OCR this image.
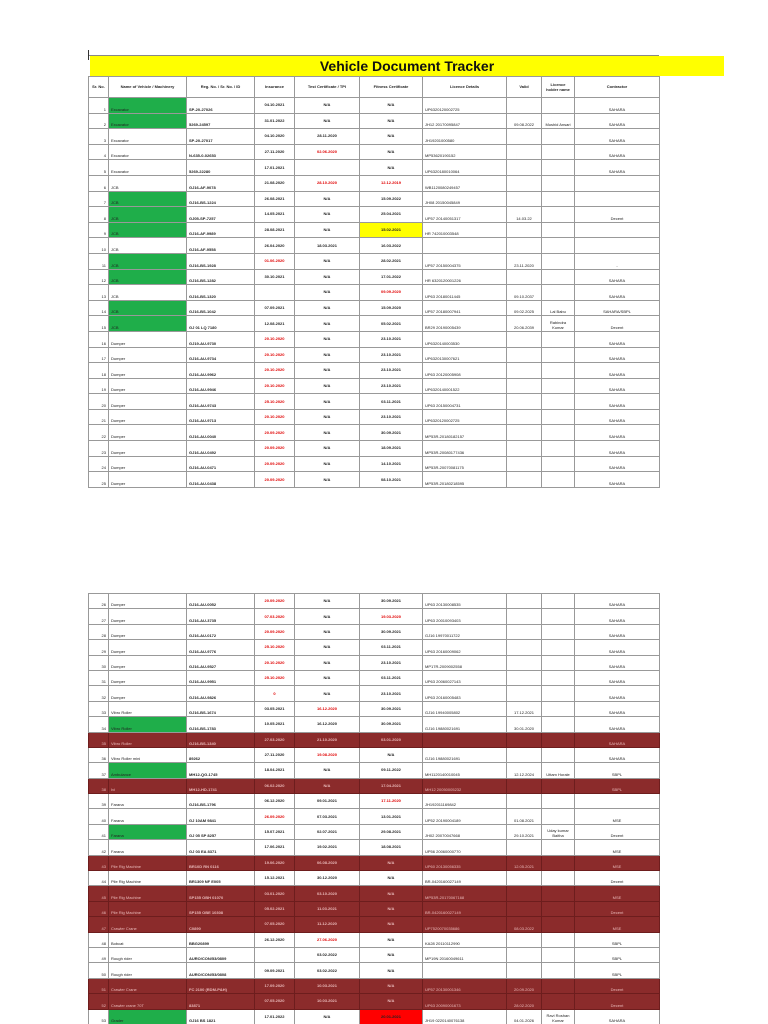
Vehicle Document Tracker
Sr. No.	Name of Vehicle / Machinery	Reg. No. / Sr. No. / ID	Insurance	Test Certificate / TPI	Fitness Certificate	Licence Details	Valid	Licence holder name	Contractor
1	Excavator	SP-20-27026	04.10.2021	N/A	N/A	UP6320120002725			SAHARA
2	Excavator	5269-24597	31.01.2022	N/A	N/A	JH12 20170095847	09.08.2022	Mushid Ansari	SAHARA
3	Excavator	SP-20-27017	04.10.2020	28.11.2020	N/A	JH19201000580			SAHARA
4	Excavator	N-635-0-02653	27.11.2020	02.06.2020	N/A	MP53620190152			SAHARA
5	Excavator	5269-22280	17.01.2021		N/A	UP6320180010064			SAHARA
6	JCB	GJ16-AF-9078	21.08.2020	28.10.2020	12.12.2019	WB1120080249457			
7	JCB	GJ16-BS-1224	26.08.2021	N/A	15.09.2022	JH08 20150045849			
8	JCB	GJ05-SP-7257	14.05.2021	N/A	25.04.2021	UP57 20140051317	14.03.22		Decent
9	JCB	GJ16-AF-9989	28.08.2021	N/A	15.02.2021	HR 742010003548			
10	JCB	GJ16-AF-9558	26.04.2020	18.03.2021	16.03.2022				
11	JCB	GJ16-BS-1928	01.06.2020	N/A	28.02.2021	UP57 20150004375	23.11.2020		-
12	JCB	GJ16-BS-1282	30.10.2021	N/A	17.01.2022	HR 6320120001226			SAHARA
13	JCB	GJ16-BS-1320		N/A	09.09.2020	UP63 20180011445	09.10.2037		SAHARA
14	JCB	GJ16-BS-1042	07.09.2021	N/A	15.09.2020	UP57 20180007941	09.02.2025	Lal Babu	SAHARA/SBPL
15	JCB	GJ 01 LQ 7180	12.08.2021	N/A	05.02.2021	BR29 20190005439	20.06.2039	Rabindra Kumar	Decent
16	Dumper	GJ19-AU-9730	20.10.2020	N/A	23.10.2021	UP6320140003530			SAHARA
17	Dumper	GJ16-AU-9734	20.10.2020	N/A	23.10.2021	UP6320130007621			SAHARA
18	Dumper	GJ16-AU-9962	20.10.2020	N/A	23.10.2021	UP63 20120005908			SAHARA
19	Dumper	GJ16-AU-9946	20.10.2020	N/A	23.10.2021	UP6320140001522			SAHARA
20	Dumper	GJ16-AU-9743	25.10.2020	N/A	03.11.2021	UP63 20150004731			SAHARA
21	Dumper	GJ16-AU-9713	20.10.2020	N/A	23.10.2021	UP6320120002725			SAHARA
22	Dumper	GJ16-AU-0040	20.09.2020	N/A	30.09.2021	MP53R-20180182157			SAHARA
23	Dumper	GJ16-AU-0492	20.09.2020	N/A	18.09.2021	MP53R-20080177436			SAHARA
24	Dumper	GJ16-AU-0471	20.09.2020	N/A	14.10.2021	MP53R-20070081175			SAHARA
25	Dumper	GJ16-AU-0438	20.09.2020	N/A	08.10.2021	MP53R-20180218595			SAHARA
26	Dumper	GJ16-AU-0052	20.09.2020	N/A	30.09.2021	UP63 20130008535			SAHARA
27	Dumper	GJ16-AU-3735	07.03.2020	N/A	19.03.2020	UP63 20010093403			SAHARA
28	Dumper	GJ16-AU-0172	20.09.2020	N/A	30.09.2021	GJ16 19970011722			SAHARA
29	Dumper	GJ16-AU-9776	25.10.2020	N/A	03.11.2021	UP63 20160009062			SAHARA
30	Dumper	GJ16-AU-9527	20.10.2020	N/A	23.10.2021	MP17R-2009002558			SAHARA
31	Dumper	GJ16-AU-9951	25.10.2020	N/A	03.11.2021	UP63 20060027143			SAHARA
32	Dumper	GJ16-AU-9826	0	N/A	23.10.2021	UP63 20160005483			SAHARA
33	Vibro Roller	GJ16-BS-1674	03.05.2021	16.12.2020	30.09.2021	GJ16 19940005802	17.12.2021		SAHARA
34	Vibro Roller	GJ16-BS-1783	10.05.2021	16.12.2020	30.09.2021	GJ16 19880021691	30.01.2020		SAHARA
35	Vibro Roller	GJ16-BS-1340	27.03.2020	21.10.2020	03.01.2020				SAHARA
36	Vibro Roller mini	89262	27.11.2020	19.08.2020	N/A	GJ16 19880021691			SAHARA
37	Ambulance	MH12-QG-1745	18.04.2021	N/A	09.11.2022	MH1120140010045	12.12.2024	Uttam Horale	SBPL
38	Ivi	MH12-HD-1741	06.02.2020	N/A	17.04.2021	MH12 20050005232			SBPL
39	Farana	GJ16-BS-1796	06.12.2020	09.01.2021	17.11.2020	JH192011169842			
40	Farana	GJ 10AM 9841	26.09.2020	07.03.2021	13.01.2021	UP52 20190004189	01.08.2021		MSE
41	Farana	GJ 05 SP 8257	15.07.2021	02.07.2021	29.08.2021	JH02 20070047668	29.10.2021	Uday kumar Baitha	Decent
42	Farana	GJ 03 EA 8371	17.06.2021	19.02.2021	18.08.2021	UP56 20060000770			MSE
43	Pile Rig Machine	BR10D RN 0116	19.06.2020	06.08.2020	N/A	UP60 20130056335	12.05.2021		MSE
44	Pile Rig Machine	BR1309 NF E005	15.12.2021	30.12.2020	N/A	BR-0420160027149			Decent
45	Pile Rig Machine	SP155 OBH 01070	03.01.2020	03.10.2020	N/A	MP53R-20170067168			MSE
46	Pile Rig Machine	SP155 OBE 10308	05.02.2021	11.03.2021	N/A	BR-0420160027149			Decent
47	Crawler Crane	C0890	07.05.2020	11.12.2020	N/A	UP7520070035686	08.03.2022		MSE
48	Bobcat	BBG20899	26.12.2020	27.06.2020	N/A	KA28 20110112990			SBPL
49	Rough rider	AURO/CON/53/0809		03.02.2022	N/A	MP19N 20160049611			SBPL
50	Rough rider	AURO/CON/53/0808	09.09.2021	03.02.2022	N/A				SBPL
51	Crawler Crane	FC 2100 (RDM-P&H)	17.09.2020	10.03.2021	N/A	UP57 20130001346	20.09.2020		Decent
52	Crawler crane 70T	83871	07.05.2020	10.03.2021	N/A	UP63 20090001673	28.02.2020		Decent
53	Grader	GJ16 BS 1821	17.01.2022	N/A	20.01.2021	JH19 0220140076138	04.01.2026	Ravi Roshan Kumar	SAHARA
